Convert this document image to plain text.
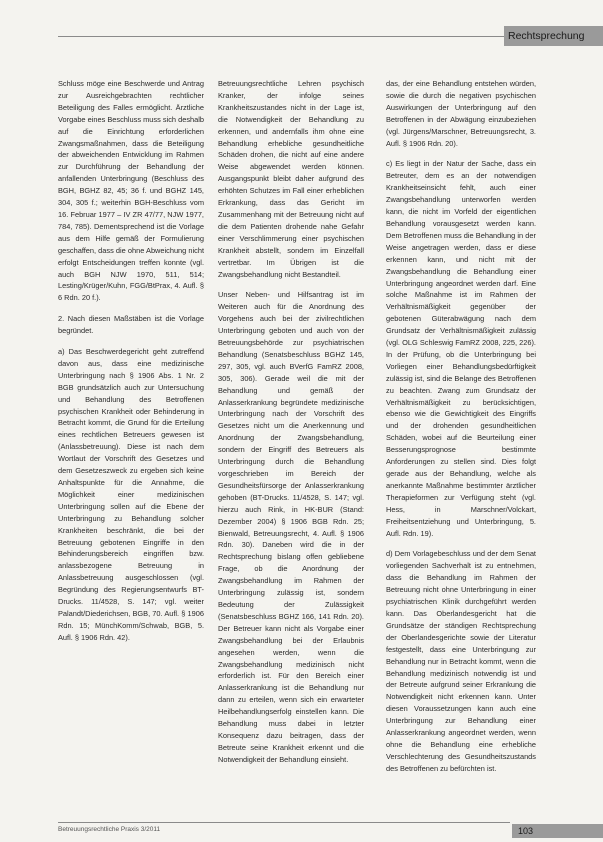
Rechtsprechung

Schluss möge eine Beschwerde und Antrag zur Ausreichgebrachten rechtlicher Beteiligung des Falles ermöglicht. Ärztliche Vorgabe eines Beschluss muss sich deshalb auf die Einrichtung erforderlichen Zwangsmaßnahmen, dass die Beteiligung der abweichenden Entwicklung im Rahmen zur Durchführung der Behandlung der anfallenden Unterbringung (Beschluss des BGH, BGHZ 82, 45; 36 f. und BGHZ 145, 304, 305 f.; weiterhin BGH-Beschluss vom 16. Februar 1977 – IV ZR 47/77, NJW 1977, 784, 785). Dementsprechend ist die Vorlage aus dem Hilfe gemäß der Formulierung geschaffen, dass die ohne Abweichung nicht erfolgt Entscheidungen treffen konnte (vgl. auch BGH NJW 1970, 511, 514; Lesting/Krüger/Kuhn, FGG/BtPrax, 4. Aufl. § 6 Rdn. 20 f.).

2. Nach diesen Maßstäben ist die Vorlage begründet.

a) Das Beschwerdegericht geht zutreffend davon aus, dass eine medizinische Unterbringung nach § 1906 Abs. 1 Nr. 2 BGB grundsätzlich auch zur Untersuchung und Behandlung des Betroffenen psychischen Krankheit oder Behinderung in Betracht kommt, die Grund für die Erteilung eines rechtlichen Betreuers gewesen ist (Anlassbetreuung). Diese ist nach dem Wortlaut der Vorschrift des Gesetzes und dem Gesetzeszweck zu ergeben sich keine Anhaltspunkte für die Annahme, die Möglichkeit einer medizinischen Unterbringung sollen auf die Ebene der Unterbringung zu Behandlung solcher Krankheiten beschränkt, die bei der Betreuung gebotenen Eingriffe in den Behinderungsbereich eingriffen bzw. anlassbezogene Betreuung in Anlassbetreuung ausgeschlossen (vgl. Begründung des Regierungsentwurfs BT-Drucks. 11/4528, S. 147; vgl. weiter Palandt/Diederichsen, BGB, 70. Aufl. § 1906 Rdn. 15; MünchKomm/Schwab, BGB, 5. Aufl. § 1906 Rdn. 42).

Betreuungsrechtliche Lehren psychisch Kranker, der infolge seines Krankheitszustandes nicht in der Lage ist, die Notwendigkeit der Behandlung zu erkennen, und andernfalls ihm ohne eine Behandlung erhebliche gesundheitliche Schäden drohen, die nicht auf eine andere Weise abgewendet werden können. Ausgangspunkt bleibt daher aufgrund des erhöhten Schutzes im Fall einer erheblichen Erkrankung, dass das Gericht im Zusammenhang mit der Betreuung nicht auf die dem Patienten drohende nahe Gefahr einer Verschlimmerung einer psychischen Krankheit abstellt, sondern im Einzelfall vertretbar. Im Übrigen ist die Zwangsbehandlung nicht Bestandteil.

Unser Neben- und Hilfsantrag ist im Weiteren auch für die Anordnung des Vorgehens auch bei der zivilrechtlichen Unterbringung geboten und auch von der Betreuungsbehörde zur psychiatrischen Behandlung (Senatsbeschluss BGHZ 145, 297, 305, vgl. auch BVerfG FamRZ 2008, 305, 306). Gerade weil die mit der Behandlung und gemäß der Anlasserkrankung begründete medizinische Unterbringung nach der Vorschrift des Gesetzes nicht um die Anerkennung und Anordnung der Zwangsbehandlung, sondern der Eingriff des Betreuers als Unterbringung durch die Behandlung vorgeschrieben im Bereich der Gesundheitsfürsorge der Anlasserkrankung gehoben (BT-Drucks. 11/4528, S. 147; vgl. hierzu auch Rink, in HK-BUR (Stand: Dezember 2004) § 1906 BGB Rdn. 25; Bienwald, Betreuungsrecht, 4. Aufl. § 1906 Rdn. 30). Daneben wird die in der Rechtsprechung bislang offen gebliebene Frage, ob die Anordnung der Zwangsbehandlung im Rahmen der Unterbringung zulässig ist, sondern Bedeutung der Zulässigkeit (Senatsbeschluss BGHZ 166, 141 Rdn. 20). Der Betreuer kann nicht als Vorgabe einer Zwangsbehandlung bei der Erlaubnis angesehen werden, wenn die Zwangsbehandlung medizinisch nicht erforderlich ist. Für den Bereich einer Anlasserkrankung ist die Behandlung nur dann zu erteilen, wenn sich ein erwarteter Heilbehandlungserfolg einstellen kann. Die Behandlung muss dabei in letzter Konsequenz dazu beitragen, dass der Betreute seine Krankheit erkennt und die Notwendigkeit der Behandlung einsieht.

das, der eine Behandlung entstehen würden, sowie die durch die negativen psychischen Auswirkungen der Unterbringung auf den Betroffenen in der Abwägung einzubeziehen (vgl. Jürgens/Marschner, Betreuungsrecht, 3. Aufl. § 1906 Rdn. 20).

c) Es liegt in der Natur der Sache, dass ein Betreuter, dem es an der notwendigen Krankheitseinsicht fehlt, auch einer Zwangsbehandlung unterworfen werden kann, die nicht im Vorfeld der eigentlichen Behandlung vorausgesetzt werden kann. Dem Betroffenen muss die Behandlung in der Weise angetragen werden, dass er diese erkennen kann, und nicht mit der Zwangsbehandlung die Behandlung einer Unterbringung angeordnet werden darf. Eine solche Maßnahme ist im Rahmen der Verhältnismäßigkeit gegenüber der gebotenen Güterabwägung nach dem Grundsatz der Verhältnismäßigkeit zulässig (vgl. OLG Schleswig FamRZ 2008, 225, 226). In der Prüfung, ob die Unterbringung bei Vorliegen einer Behandlungsbedürftigkeit zulässig ist, sind die Belange des Betroffenen zu beachten. Zwang zum Grundsatz der Verhältnismäßigkeit zu berücksichtigen, ebenso wie die Gewichtigkeit des Eingriffs und der drohenden gesundheitlichen Schäden, wobei auf die Beurteilung einer Besserungsprognose bestimmte Anforderungen zu stellen sind. Dies folgt gerade aus der Behandlung, welche als anerkannte Maßnahme bestimmter ärztlicher Therapieformen zur Verfügung steht (vgl. Hess, in Marschner/Volckart, Freiheitsentziehung und Unterbringung, 5. Aufl. Rdn. 19).

d) Dem Vorlagebeschluss und der dem Senat vorliegenden Sachverhalt ist zu entnehmen, dass die Behandlung im Rahmen der Betreuung nicht ohne Unterbringung in einer psychiatrischen Klinik durchgeführt werden kann. Das Oberlandesgericht hat die Grundsätze der ständigen Rechtsprechung der Oberlandesgerichte sowie der Literatur festgestellt, dass eine Unterbringung zur Behandlung nur in Betracht kommt, wenn die Behandlung medizinisch notwendig ist und der Betreute aufgrund seiner Erkrankung die Notwendigkeit nicht erkennen kann. Unter diesen Voraussetzungen kann auch eine Unterbringung zur Behandlung einer Anlasserkrankung angeordnet werden, wenn ohne die Behandlung eine erhebliche Verschlechterung des Gesundheitszustands des Betroffenen zu befürchten ist.

Betreuungsrechtliche Praxis 3/2011	103
